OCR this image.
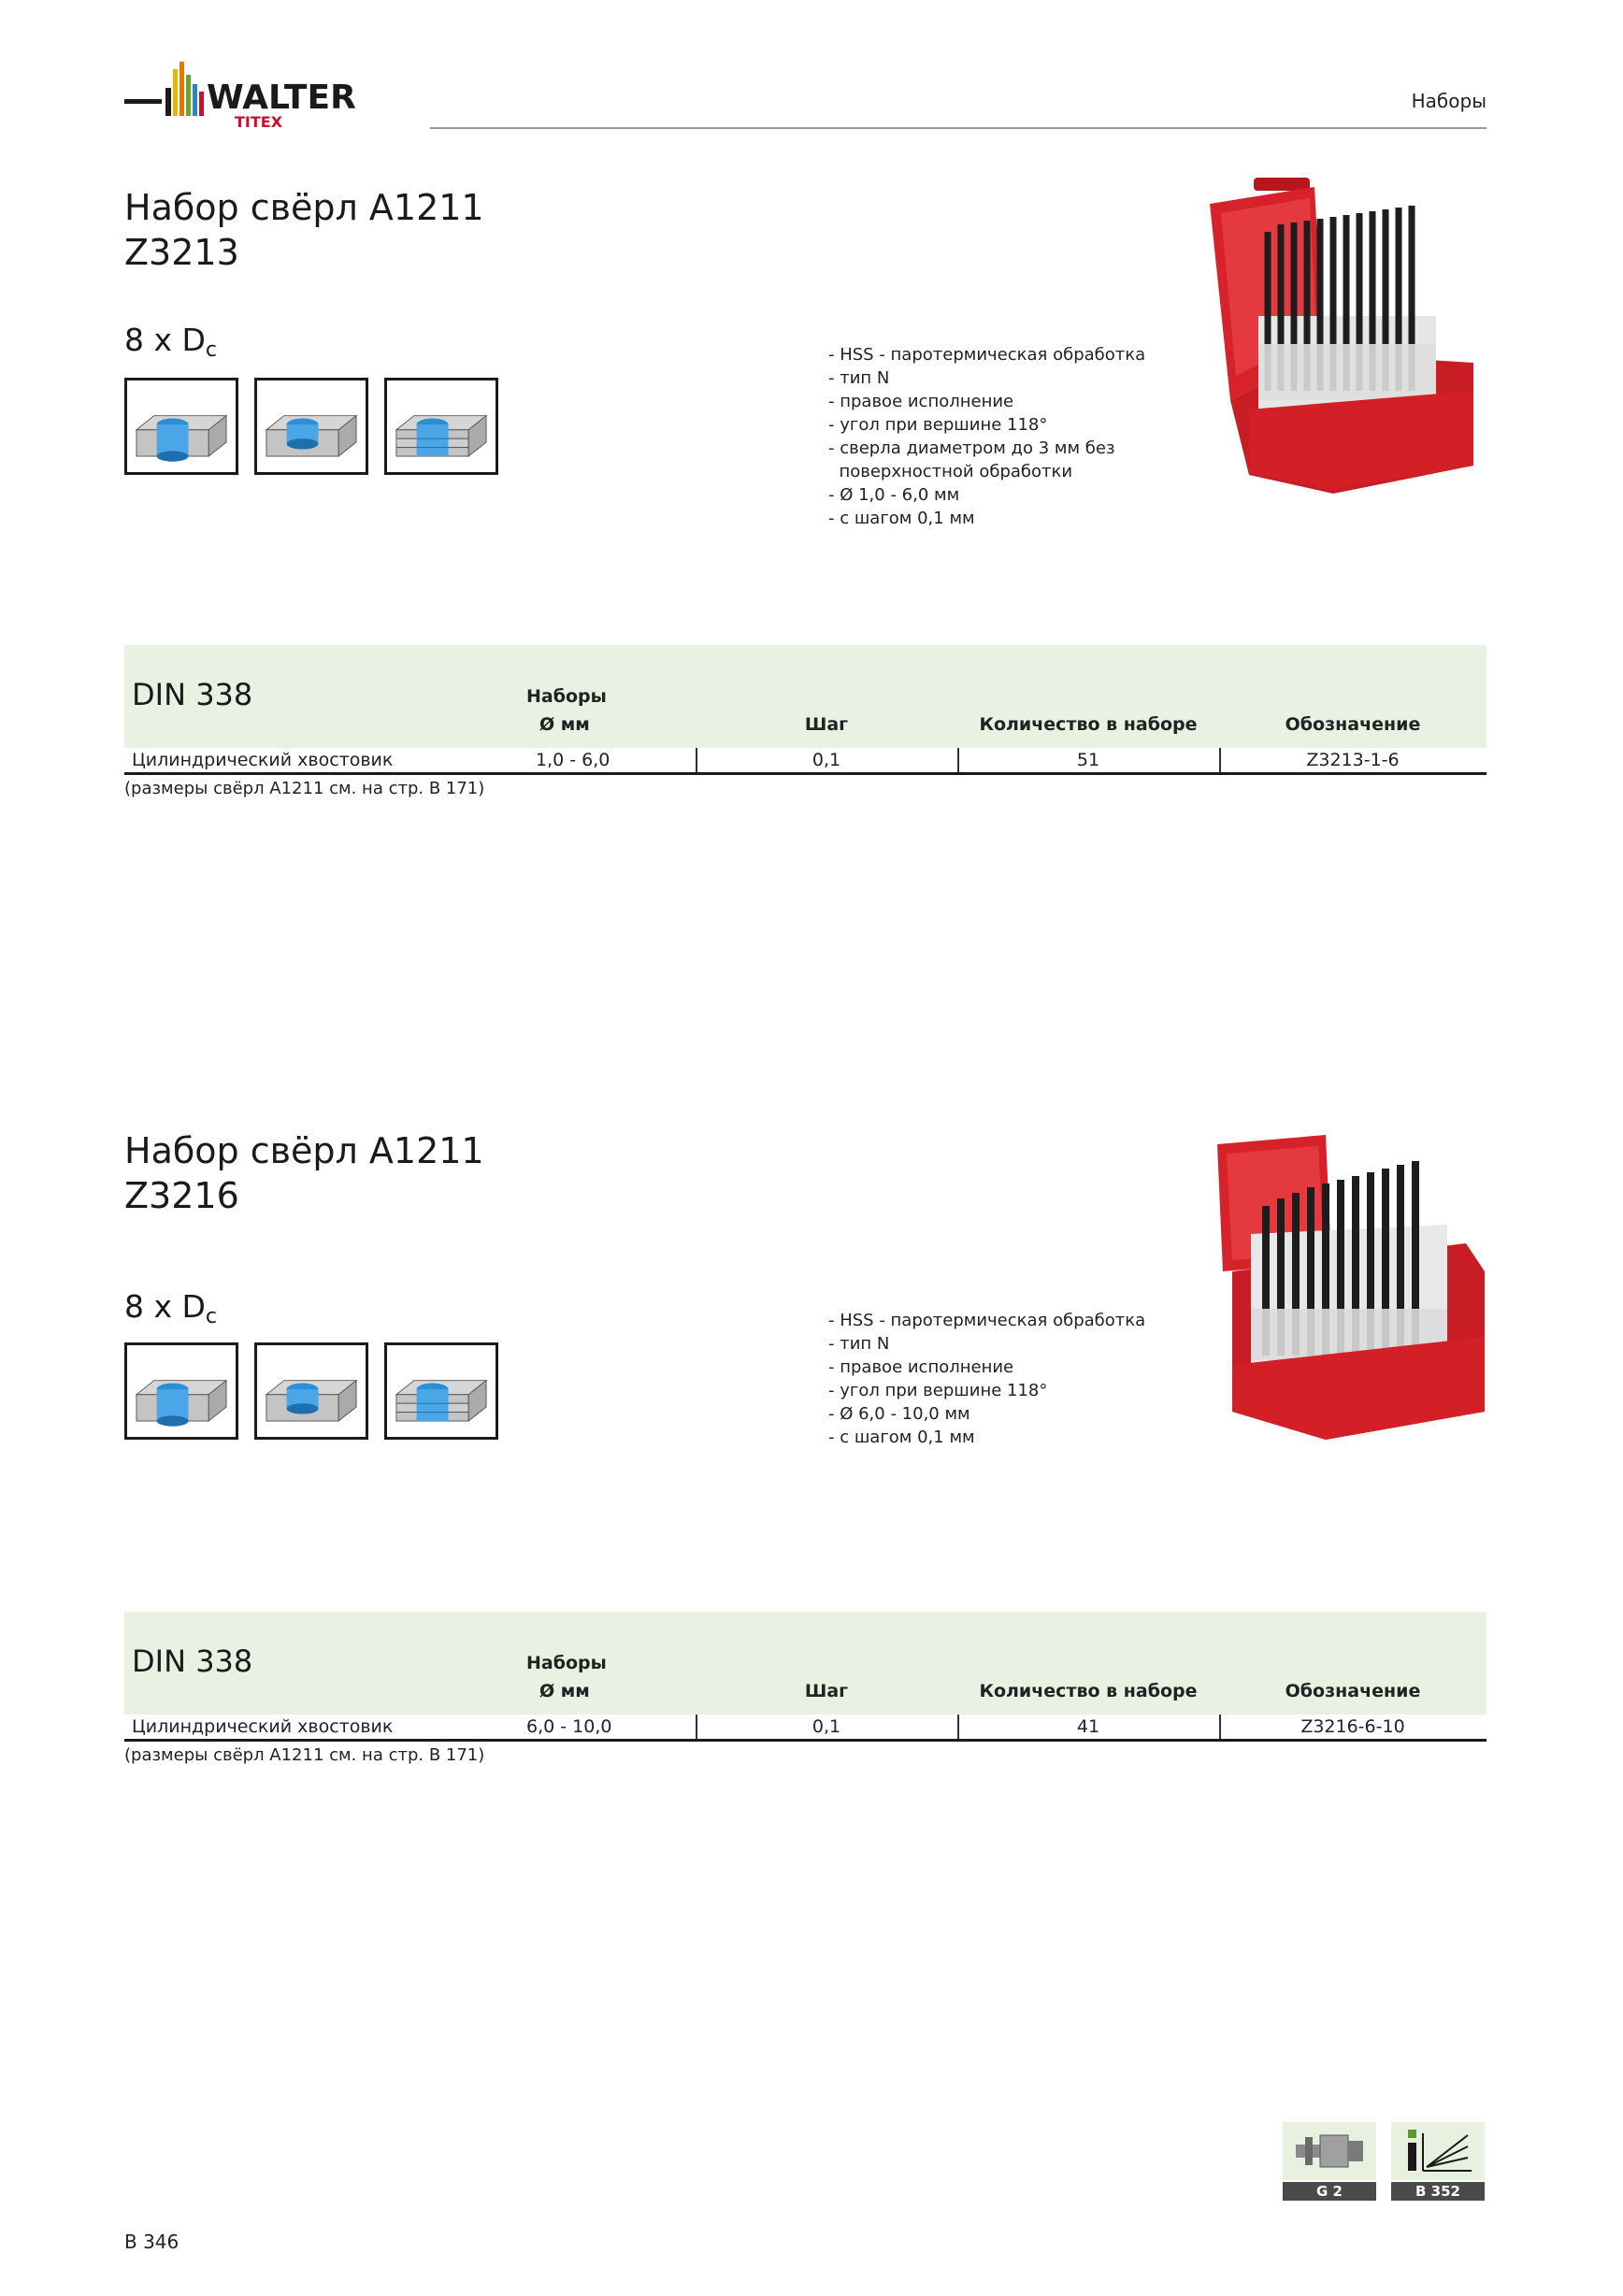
WALTER
TITEX
Наборы
Набор свёрл A1211
Z3213
8 x $D_c$	- HSS - паротермическая обработка
- тип N
- правое исполнение
- угол при вершине 118°
- сверла диаметром до 3 мм без
поверхностной обработки
- Ø 1,0 - 6,0 мм
- с шагом 0,1 мм
DIN 338	Наборы
Ø мм	Шаг	Количество в наборе	Обозначение
Цилиндрический хвостовик	1,0 - 6,0	0,1	51	Z3213-1-6
(размеры свёрл A1211 см. на стр. B 171)
Набор свёрл A1211
Z3216
8 x $D_c$	- HSS - паротермическая обработка
- тип N
- правое исполнение
- угол при вершине 118°
- Ø 6,0 - 10,0 мм
- с шагом 0,1 мм
DIN 338	Наборы
Ø мм	Шаг	Количество в наборе	Обозначение
Цилиндрический хвостовик	6,0 - 10,0	0,1	41	Z3216-6-10
(размеры свёрл A1211 см. на стр. B 171)
G 2	B 352
B 346
